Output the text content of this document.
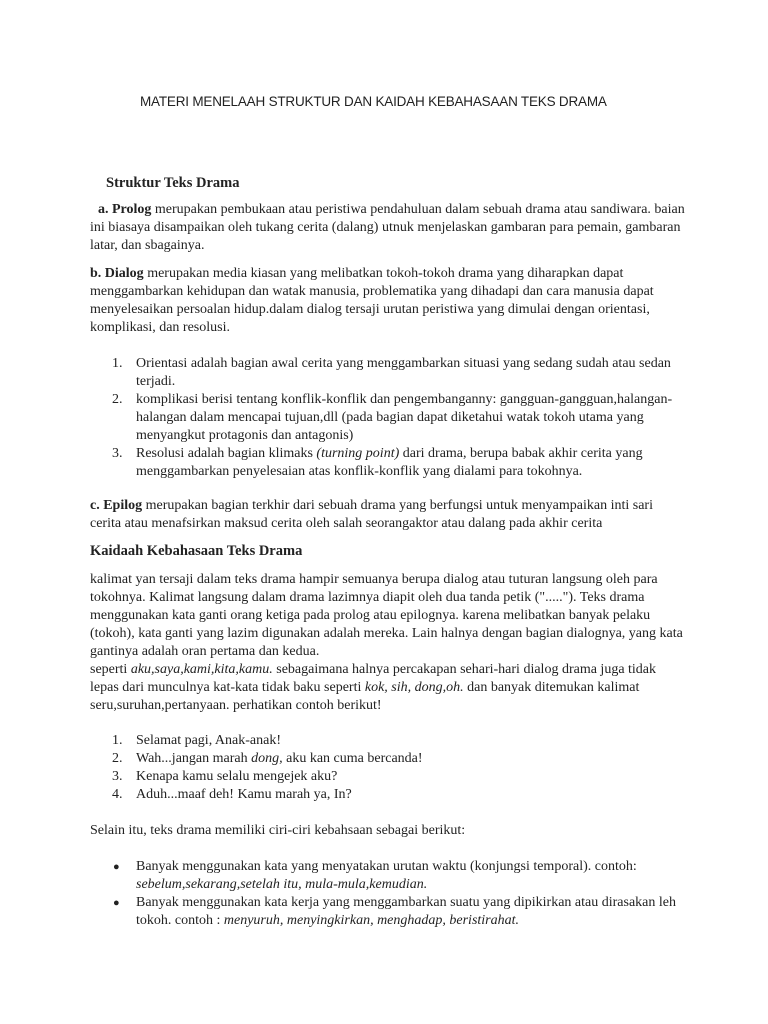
MATERI MENELAAH STRUKTUR DAN KAIDAH KEBAHASAAN TEKS DRAMA
Struktur Teks Drama
a. Prolog merupakan pembukaan atau peristiwa pendahuluan dalam sebuah drama atau sandiwara. baian ini biasaya disampaikan oleh tukang cerita (dalang) utnuk menjelaskan gambaran para pemain, gambaran latar, dan sbagainya.
b. Dialog merupakan media kiasan yang melibatkan tokoh-tokoh drama yang diharapkan dapat menggambarkan kehidupan dan watak manusia, problematika yang dihadapi dan cara manusia dapat menyelesaikan persoalan hidup.dalam dialog tersaji urutan peristiwa yang dimulai dengan orientasi, komplikasi, dan resolusi.
1. Orientasi adalah bagian awal cerita yang menggambarkan situasi yang sedang sudah atau sedan terjadi.
2. komplikasi berisi tentang konflik-konflik dan pengembanganny: gangguan-gangguan,halangan-halangan dalam mencapai tujuan,dll (pada bagian dapat diketahui watak tokoh utama yang menyangkut protagonis dan antagonis)
3. Resolusi adalah bagian klimaks (turning point) dari drama, berupa babak akhir cerita yang menggambarkan penyelesaian atas konflik-konflik yang dialami para tokohnya.
c. Epilog merupakan bagian terkhir dari sebuah drama yang berfungsi untuk menyampaikan inti sari cerita atau menafsirkan maksud cerita oleh salah seorangaktor atau dalang pada akhir cerita
Kaidaah Kebahasaan Teks Drama
kalimat yan tersaji dalam teks drama hampir semuanya berupa dialog atau tuturan langsung oleh para tokohnya. Kalimat langsung dalam drama lazimnya diapit oleh dua tanda petik ("....."). Teks drama menggunakan kata ganti orang ketiga pada prolog atau epilognya. karena melibatkan banyak pelaku (tokoh), kata ganti yang lazim digunakan adalah mereka. Lain halnya dengan bagian dialognya, yang kata gantinya adalah oran pertama dan kedua.
seperti aku,saya,kami,kita,kamu. sebagaimana halnya percakapan sehari-hari dialog drama juga tidak lepas dari munculnya kat-kata tidak baku seperti kok, sih, dong,oh. dan banyak ditemukan kalimat seru,suruhan,pertanyaan. perhatikan contoh berikut!
1. Selamat pagi, Anak-anak!
2. Wah...jangan marah dong, aku kan cuma bercanda!
3. Kenapa kamu selalu mengejek aku?
4. Aduh...maaf deh! Kamu marah ya, In?
Selain itu, teks drama memiliki ciri-ciri kebahsaan sebagai berikut:
● Banyak menggunakan kata yang menyatakan urutan waktu (konjungsi temporal). contoh: sebelum,sekarang,setelah itu, mula-mula,kemudian.
● Banyak menggunakan kata kerja yang menggambarkan suatu yang dipikirkan atau dirasakan leh tokoh. contoh : menyuruh, menyingkirkan, menghadap, beristirahat.
